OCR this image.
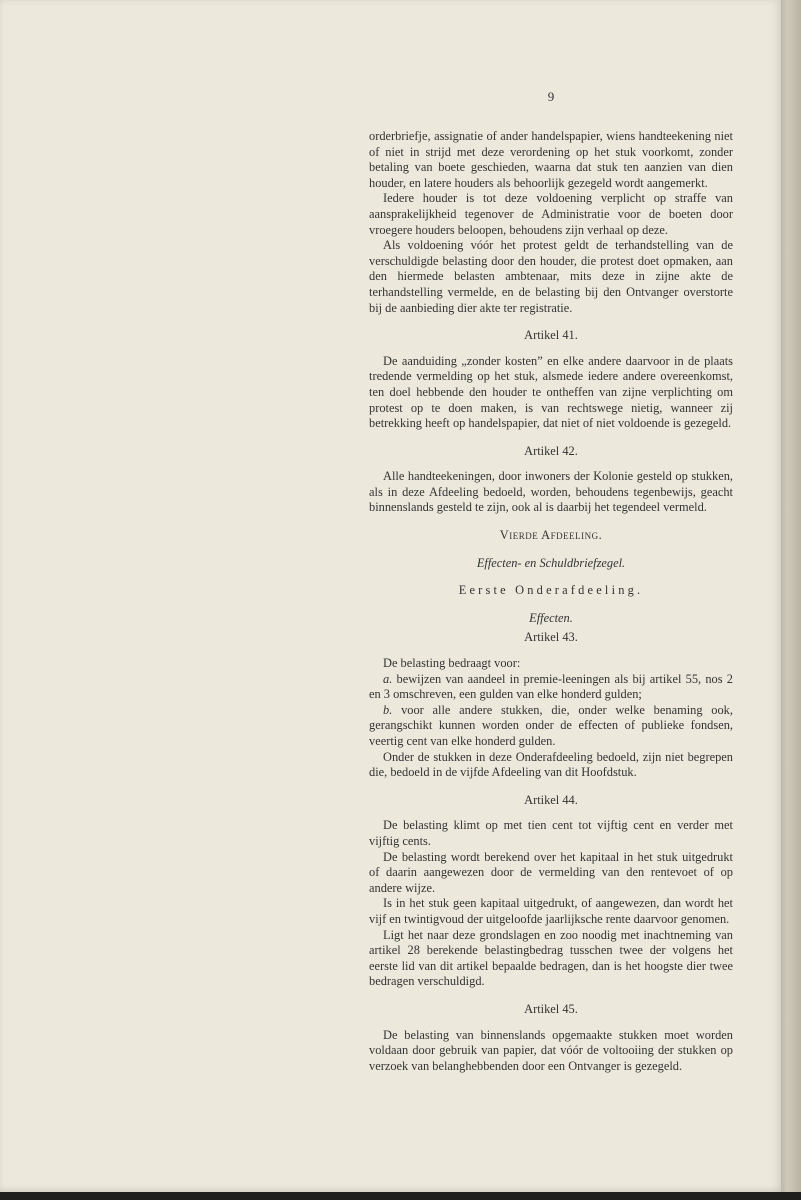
9

orderbriefje, assignatie of ander handelspapier, wiens handteekening niet of niet in strijd met deze verordening op het stuk voorkomt, zonder betaling van boete geschieden, waarna dat stuk ten aanzien van dien houder, en latere houders als behoorlijk gezegeld wordt aangemerkt.

Iedere houder is tot deze voldoening verplicht op straffe van aansprakelijkheid tegenover de Administratie voor de boeten door vroegere houders beloopen, behoudens zijn verhaal op deze.

Als voldoening vóór het protest geldt de terhandstelling van de verschuldigde belasting door den houder, die protest doet opmaken, aan den hiermede belasten ambtenaar, mits deze in zijne akte de terhandstelling vermelde, en de belasting bij den Ontvanger overstorte bij de aanbieding dier akte ter registratie.

Artikel 41.

De aanduiding „zonder kosten” en elke andere daarvoor in de plaats tredende vermelding op het stuk, alsmede iedere andere overeenkomst, ten doel hebbende den houder te ontheffen van zijne verplichting om protest op te doen maken, is van rechtswege nietig, wanneer zij betrekking heeft op handelspapier, dat niet of niet voldoende is gezegeld.

Artikel 42.

Alle handteekeningen, door inwoners der Kolonie gesteld op stukken, als in deze Afdeeling bedoeld, worden, behoudens tegenbewijs, geacht binnenslands gesteld te zijn, ook al is daarbij het tegendeel vermeld.

Vierde Afdeeling.
Effecten- en Schuldbriefzegel.
Eerste Onderafdeeling.
Effecten.
Artikel 43.

De belasting bedraagt voor:

a. bewijzen van aandeel in premie-leeningen als bij artikel 55, nos 2 en 3 omschreven, een gulden van elke honderd gulden;

b. voor alle andere stukken, die, onder welke benaming ook, gerangschikt kunnen worden onder de effecten of publieke fondsen, veertig cent van elke honderd gulden.

Onder de stukken in deze Onderafdeeling bedoeld, zijn niet begrepen die, bedoeld in de vijfde Afdeeling van dit Hoofdstuk.

Artikel 44.

De belasting klimt op met tien cent tot vijftig cent en verder met vijftig cents.

De belasting wordt berekend over het kapitaal in het stuk uitgedrukt of daarin aangewezen door de vermelding van den rentevoet of op andere wijze.

Is in het stuk geen kapitaal uitgedrukt, of aangewezen, dan wordt het vijf en twintigvoud der uitgeloofde jaarlijksche rente daarvoor genomen.

Ligt het naar deze grondslagen en zoo noodig met inachtneming van artikel 28 berekende belastingbedrag tusschen twee der volgens het eerste lid van dit artikel bepaalde bedragen, dan is het hoogste dier twee bedragen verschuldigd.

Artikel 45.

De belasting van binnenslands opgemaakte stukken moet worden voldaan door gebruik van papier, dat vóór de voltooiing der stukken op verzoek van belanghebbenden door een Ontvanger is gezegeld.
